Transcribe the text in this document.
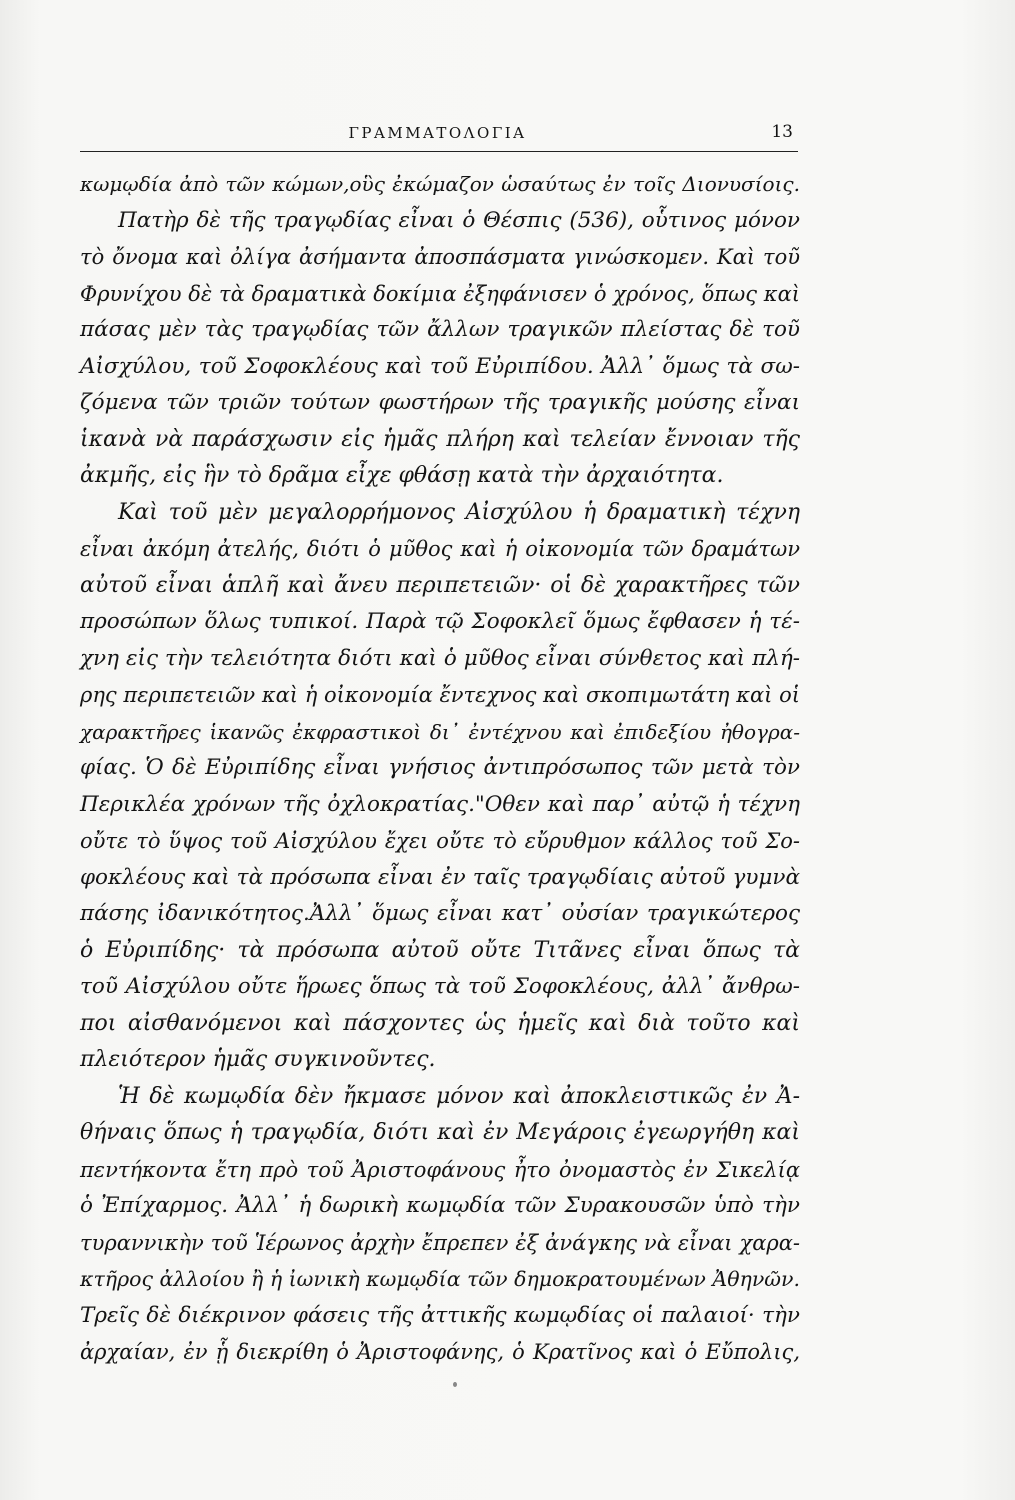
ΓΡΑΜΜΑΤΟΛΟΓΙΑ	13
κωμῳδία ἀπὸ τῶν κώμων,οὓς ἐκώμαζον ὡσαύτως ἐν τοῖς Διονυσίοις.
Πατὴρ δὲ τῆς τραγῳδίας εἶναι ὁ Θέσπις (536), οὗτινος μόνον
τὸ ὄνομα καὶ ὀλίγα ἀσήμαντα ἀποσπάσματα γινώσκομεν. Καὶ τοῦ
Φρυνίχου δὲ τὰ δραματικὰ δοκίμια ἐξηφάνισεν ὁ χρόνος, ὅπως καὶ
πάσας μὲν τὰς τραγῳδίας τῶν ἄλλων τραγικῶν πλείστας δὲ τοῦ
Αἰσχύλου, τοῦ Σοφοκλέους καὶ τοῦ Εὐριπίδου. Ἀλλ᾽ ὅμως τὰ σω-
ζόμενα τῶν τριῶν τούτων φωστήρων τῆς τραγικῆς μούσης εἶναι
ἱκανὰ νὰ παράσχωσιν εἰς ἡμᾶς πλήρη καὶ τελείαν ἔννοιαν τῆς
ἀκμῆς, εἰς ἣν τὸ δρᾶμα εἶχε φθάσῃ κατὰ τὴν ἀρχαιότητα.
Καὶ τοῦ μὲν μεγαλορρήμονος Αἰσχύλου ἡ δραματικὴ τέχνη
εἶναι ἀκόμη ἀτελής, διότι ὁ μῦθος καὶ ἡ οἰκονομία τῶν δραμάτων
αὐτοῦ εἶναι ἁπλῆ καὶ ἄνευ περιπετειῶν· οἱ δὲ χαρακτῆρες τῶν
προσώπων ὅλως τυπικοί. Παρὰ τῷ Σοφοκλεῖ ὅμως ἔφθασεν ἡ τέ-
χνη εἰς τὴν τελειότητα διότι καὶ ὁ μῦθος εἶναι σύνθετος καὶ πλή-
ρης περιπετειῶν καὶ ἡ οἰκονομία ἔντεχνος καὶ σκοπιμωτάτη καὶ οἱ
χαρακτῆρες ἱκανῶς ἐκφραστικοὶ δι᾽ ἐντέχνου καὶ ἐπιδεξίου ἠθογρα-
φίας. Ὁ δὲ Εὐριπίδης εἶναι γνήσιος ἀντιπρόσωπος τῶν μετὰ τὸν
Περικλέα χρόνων τῆς ὀχλοκρατίας."Οθεν καὶ παρ᾽ αὐτῷ ἡ τέχνη
οὔτε τὸ ὕψος τοῦ Αἰσχύλου ἔχει οὔτε τὸ εὔρυθμον κάλλος τοῦ Σο-
φοκλέους καὶ τὰ πρόσωπα εἶναι ἐν ταῖς τραγῳδίαις αὐτοῦ γυμνὰ
πάσης ἰδανικότητος.Ἀλλ᾽ ὅμως εἶναι κατ᾽ οὐσίαν τραγικώτερος
ὁ Εὐριπίδης· τὰ πρόσωπα αὐτοῦ οὔτε Τιτᾶνες εἶναι ὅπως τὰ
τοῦ Αἰσχύλου οὔτε ἥρωες ὅπως τὰ τοῦ Σοφοκλέους, ἀλλ᾽ ἄνθρω-
ποι αἰσθανόμενοι καὶ πάσχοντες ὡς ἡμεῖς καὶ διὰ τοῦτο καὶ
πλειότερον ἡμᾶς συγκινοῦντες.
Ἡ δὲ κωμῳδία δὲν ἤκμασε μόνον καὶ ἀποκλειστικῶς ἐν Ἀ-
θήναις ὅπως ἡ τραγῳδία, διότι καὶ ἐν Μεγάροις ἐγεωργήθη καὶ
πεντήκοντα ἔτη πρὸ τοῦ Ἀριστοφάνους ἦτο ὀνομαστὸς ἐν Σικελίᾳ
ὁ Ἐπίχαρμος. Ἀλλ᾽ ἡ δωρικὴ κωμῳδία τῶν Συρακουσῶν ὑπὸ τὴν
τυραννικὴν τοῦ Ἱέρωνος ἀρχὴν ἔπρεπεν ἐξ ἀνάγκης νὰ εἶναι χαρα-
κτῆρος ἀλλοίου ἢ ἡ ἰωνικὴ κωμῳδία τῶν δημοκρατουμένων Ἀθηνῶν.
Τρεῖς δὲ διέκρινον φάσεις τῆς ἀττικῆς κωμῳδίας οἱ παλαιοί· τὴν
ἀρχαίαν, ἐν ᾗ διεκρίθη ὁ Ἀριστοφάνης, ὁ Κρατῖνος καὶ ὁ Εὔπολις,
